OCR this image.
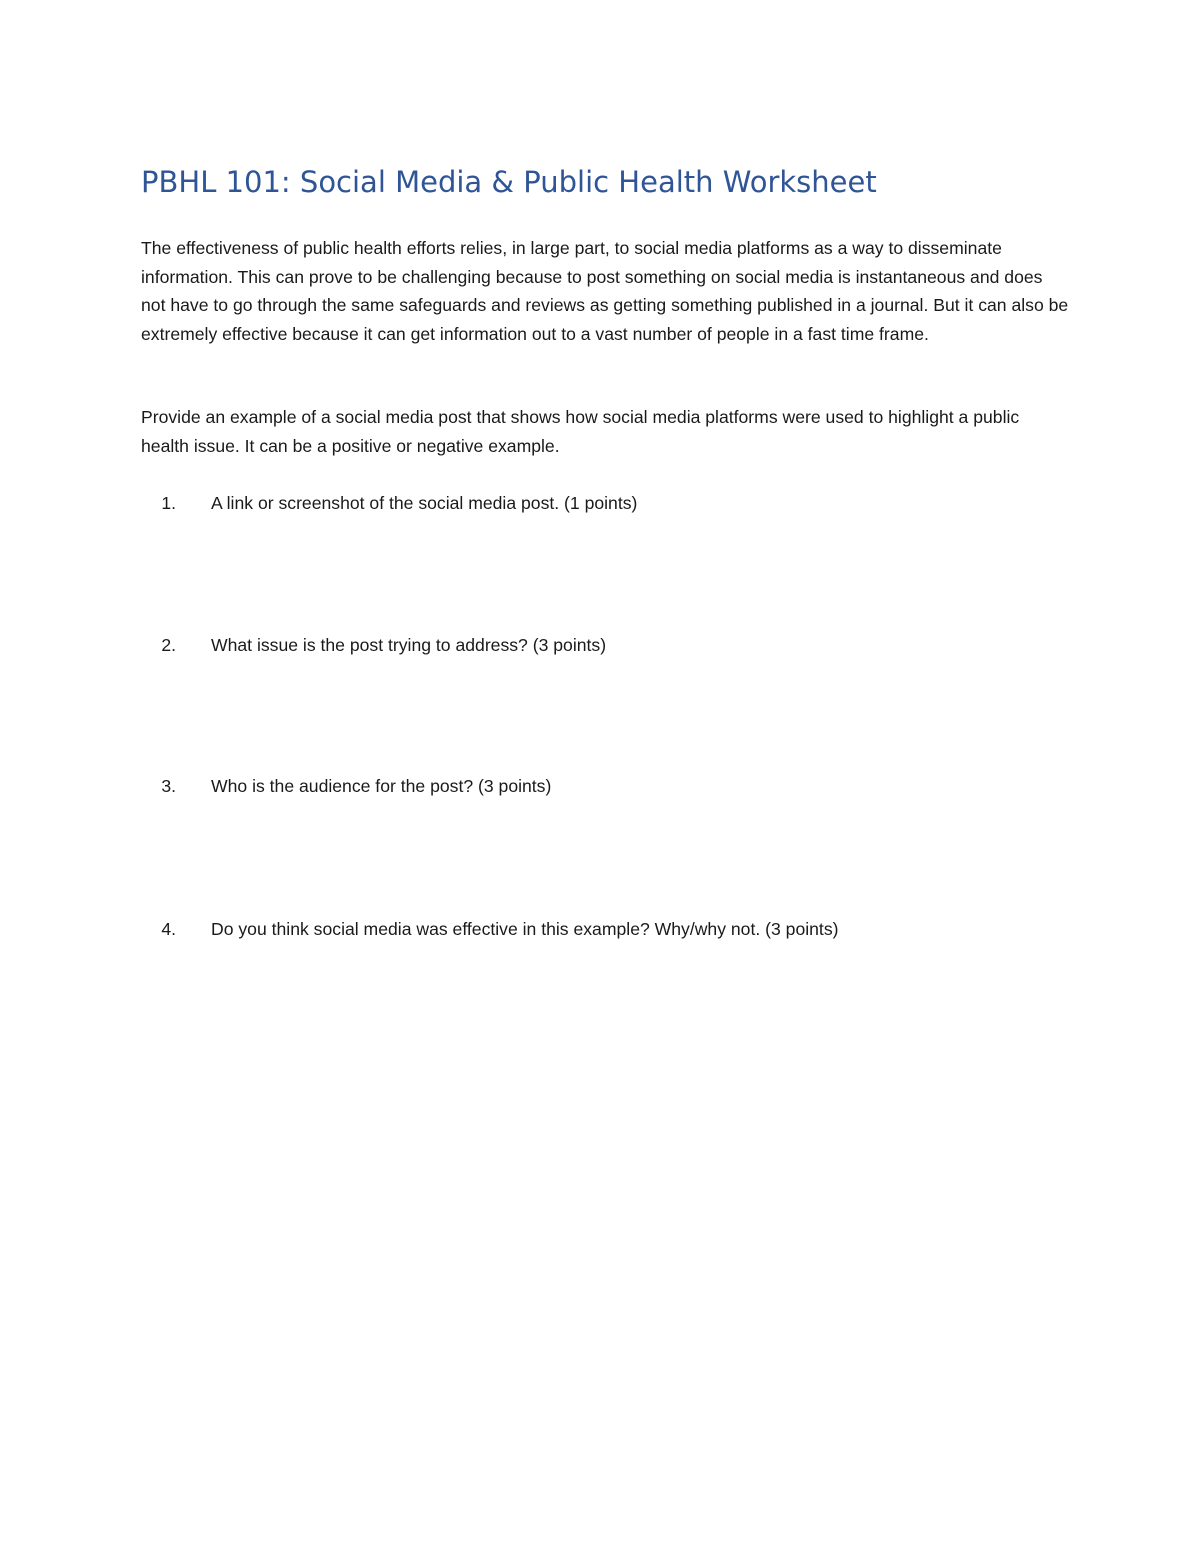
PBHL 101: Social Media & Public Health Worksheet

The effectiveness of public health efforts relies, in large part, to social media platforms as a way to disseminate information. This can prove to be challenging because to post something on social media is instantaneous and does not have to go through the same safeguards and reviews as getting something published in a journal. But it can also be extremely effective because it can get information out to a vast number of people in a fast time frame.

Provide an example of a social media post that shows how social media platforms were used to highlight a public health issue. It can be a positive or negative example.

1. A link or screenshot of the social media post. (1 points)
2. What issue is the post trying to address? (3 points)
3. Who is the audience for the post? (3 points)
4. Do you think social media was effective in this example? Why/why not. (3 points)
